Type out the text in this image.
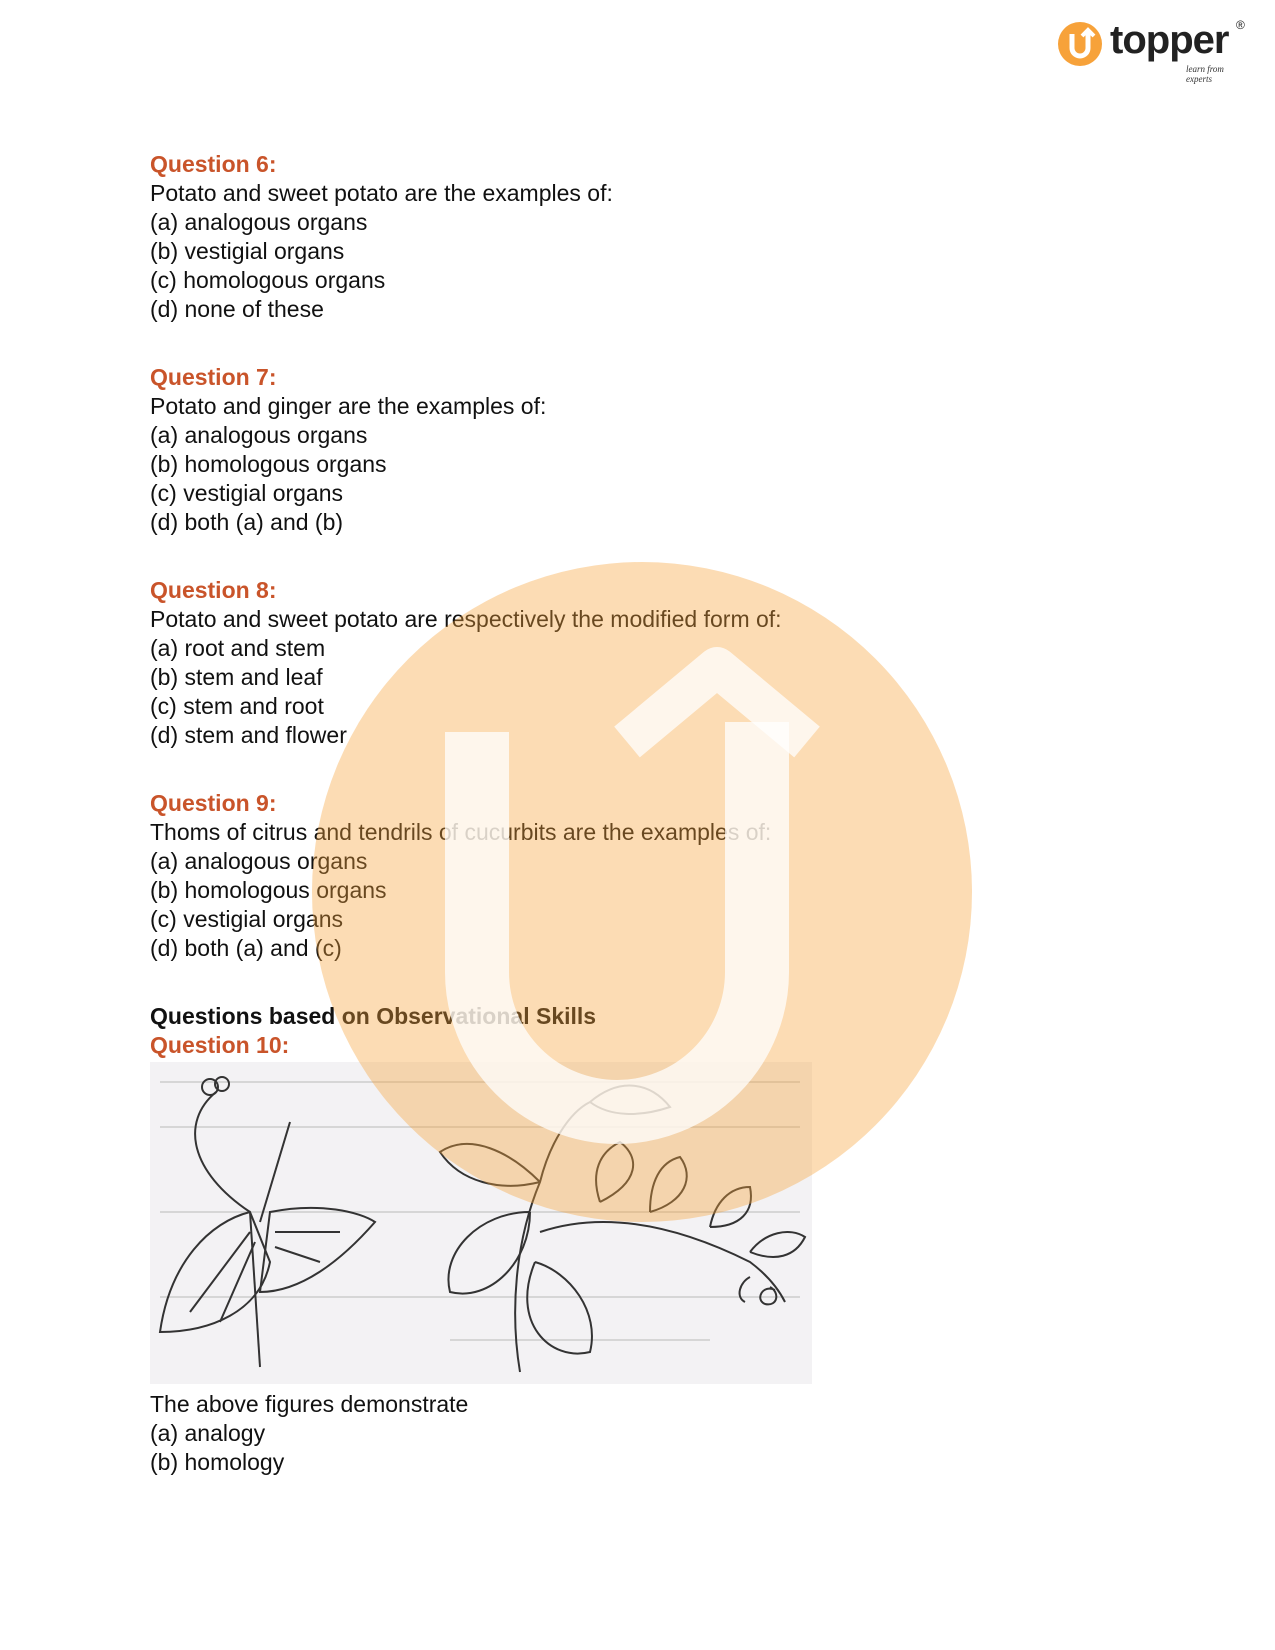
topper ®
learn from experts
Question 6:
Potato and sweet potato are the examples of:
(a) analogous organs
(b) vestigial organs
(c) homologous organs
(d) none of these
Question 7:
Potato and ginger are the examples of:
(a) analogous organs
(b) homologous organs
(c) vestigial organs
(d) both (a) and (b)
Question 8:
Potato and sweet potato are respectively the modified form of:
(a) root and stem
(b) stem and leaf
(c) stem and root
(d) stem and flower
Question 9:
Thoms of citrus and tendrils of cucurbits are the examples of:
(a) analogous organs
(b) homologous organs
(c) vestigial organs
(d) both (a) and (c)
Questions based on Observational Skills
Question 10:
The above figures demonstrate
(a) analogy
(b) homology
